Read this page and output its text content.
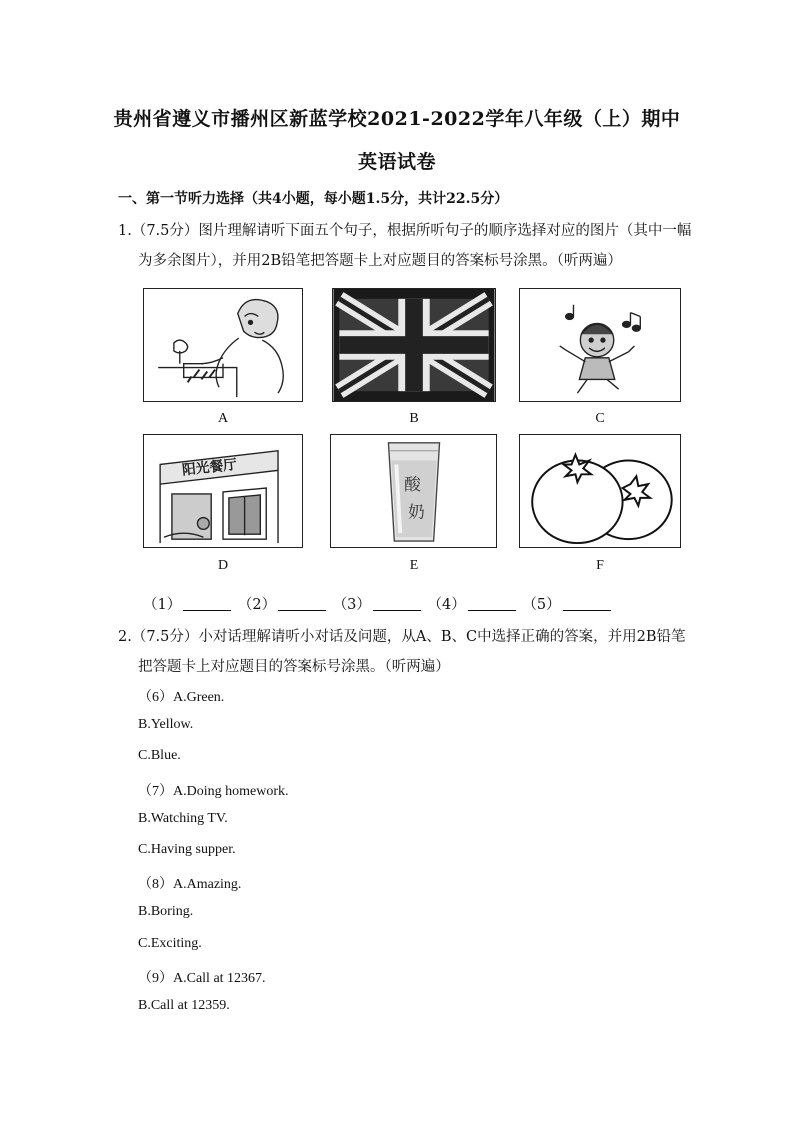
贵州省遵义市播州区新蓝学校2021-2022学年八年级（上）期中
英语试卷
一、第一节听力选择（共4小题，每小题1.5分，共计22.5分）
1.（7.5分）图片理解请听下面五个句子，根据所听句子的顺序选择对应的图片（其中一幅
为多余图片），并用2B铅笔把答题卡上对应题目的答案标号涂黑。（听两遍）
A	B	C
阳光餐厅
D
酸
奶
E	F
（1）	（2）	（3）	（4）	（5）
2.（7.5分）小对话理解请听小对话及问题，从A、B、C中选择正确的答案，并用2B铅笔
把答题卡上对应题目的答案标号涂黑。（听两遍）
（6）A.Green.
B.Yellow.
C.Blue.
（7）A.Doing homework.
B.Watching TV.
C.Having supper.
（8）A.Amazing.
B.Boring.
C.Exciting.
（9）A.Call at 12367.
B.Call at 12359.
